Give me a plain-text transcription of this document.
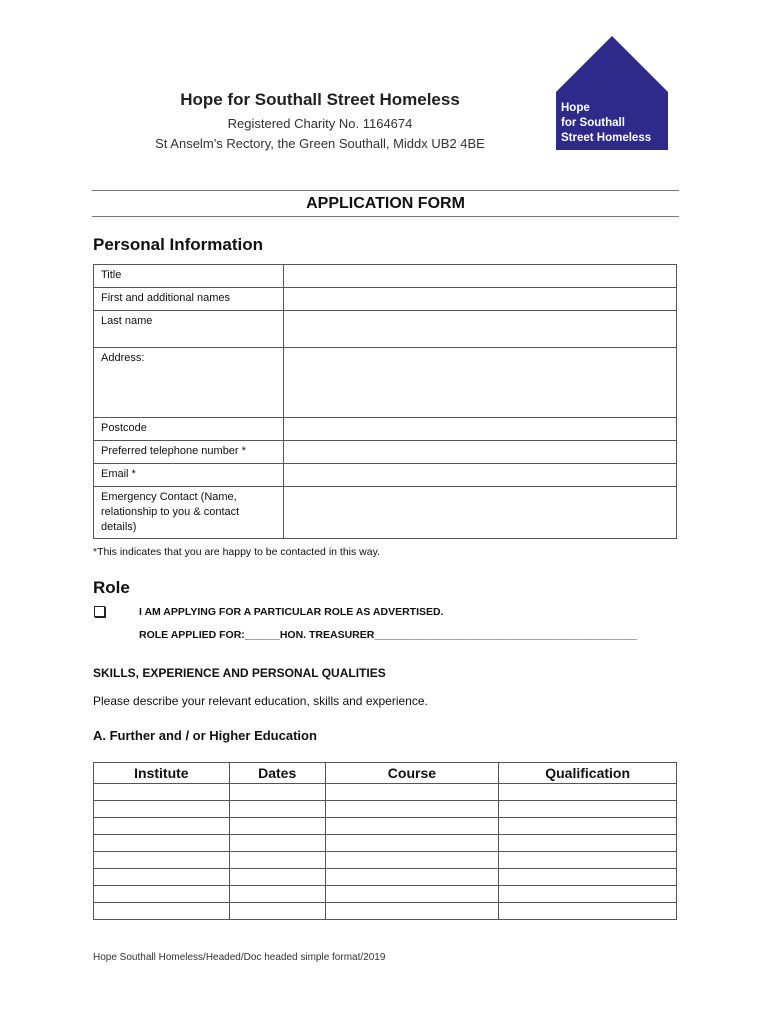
Hope for Southall Street Homeless
Registered Charity No. 1164674
St Anselm’s Rectory, the Green Southall, Middx UB2 4BE
Hope
for Southall
Street Homeless
APPLICATION FORM
Personal Information
Title	
First and additional names	
Last name	
Address:	
Postcode	
Preferred telephone number *	
Email *	
Emergency Contact (Name, relationship to you & contact details)	
*This indicates that you are happy to be contacted in this way.
Role
I AM APPLYING FOR A PARTICULAR ROLE AS ADVERTISED.
ROLE APPLIED FOR:______HON. TREASURER_____________________________________________
SKILLS, EXPERIENCE AND PERSONAL QUALITIES
Please describe your relevant education, skills and experience.
A. Further and / or Higher Education
Institute	Dates	Course	Qualification

Hope Southall Homeless/Headed/Doc headed simple format/2019
